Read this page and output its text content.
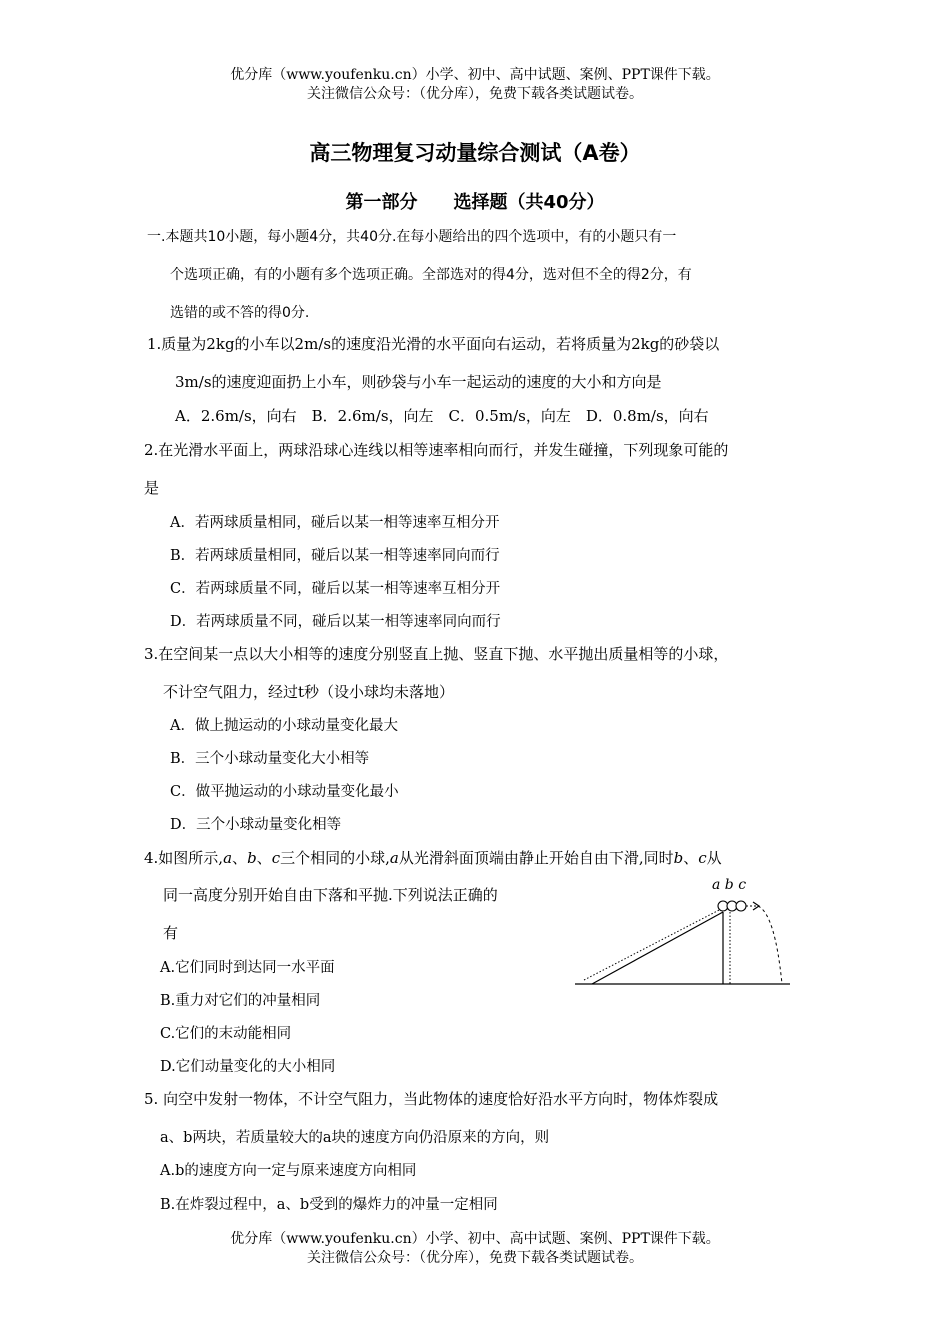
优分库（www.youfenku.cn）小学、初中、高中试题、案例、PPT课件下载。
关注微信公众号：（优分库），免费下载各类试题试卷。
高三物理复习动量综合测试（A卷）
第一部分　　选择题（共40分）
一.本题共10小题，每小题4分，共40分.在每小题给出的四个选项中，有的小题只有一
个选项正确，有的小题有多个选项正确。全部选对的得4分，选对但不全的得2分，有
选错的或不答的得0分.
1.质量为2kg的小车以2m/s的速度沿光滑的水平面向右运动，若将质量为2kg的砂袋以
3m/s的速度迎面扔上小车，则砂袋与小车一起运动的速度的大小和方向是
A．2.6m/s，向右　B．2.6m/s，向左　C．0.5m/s，向左　D．0.8m/s，向右
2.在光滑水平面上，两球沿球心连线以相等速率相向而行，并发生碰撞，下列现象可能的
是
A．若两球质量相同，碰后以某一相等速率互相分开
B．若两球质量相同，碰后以某一相等速率同向而行
C．若两球质量不同，碰后以某一相等速率互相分开
D．若两球质量不同，碰后以某一相等速率同向而行
3.在空间某一点以大小相等的速度分别竖直上抛、竖直下抛、水平抛出质量相等的小球，
不计空气阻力，经过t秒（设小球均未落地）
A．做上抛运动的小球动量变化最大
B．三个小球动量变化大小相等
C．做平抛运动的小球动量变化最小
D．三个小球动量变化相等
4.如图所示,a、b、c三个相同的小球,a从光滑斜面顶端由静止开始自由下滑,同时b、c从
同一高度分别开始自由下落和平抛.下列说法正确的
有
A.它们同时到达同一水平面
B.重力对它们的冲量相同
C.它们的末动能相同
D.它们动量变化的大小相同
a b c
5. 向空中发射一物体，不计空气阻力，当此物体的速度恰好沿水平方向时，物体炸裂成
a、b两块，若质量较大的a块的速度方向仍沿原来的方向，则
A.b的速度方向一定与原来速度方向相同
B.在炸裂过程中，a、b受到的爆炸力的冲量一定相同
优分库（www.youfenku.cn）小学、初中、高中试题、案例、PPT课件下载。
关注微信公众号：（优分库），免费下载各类试题试卷。
